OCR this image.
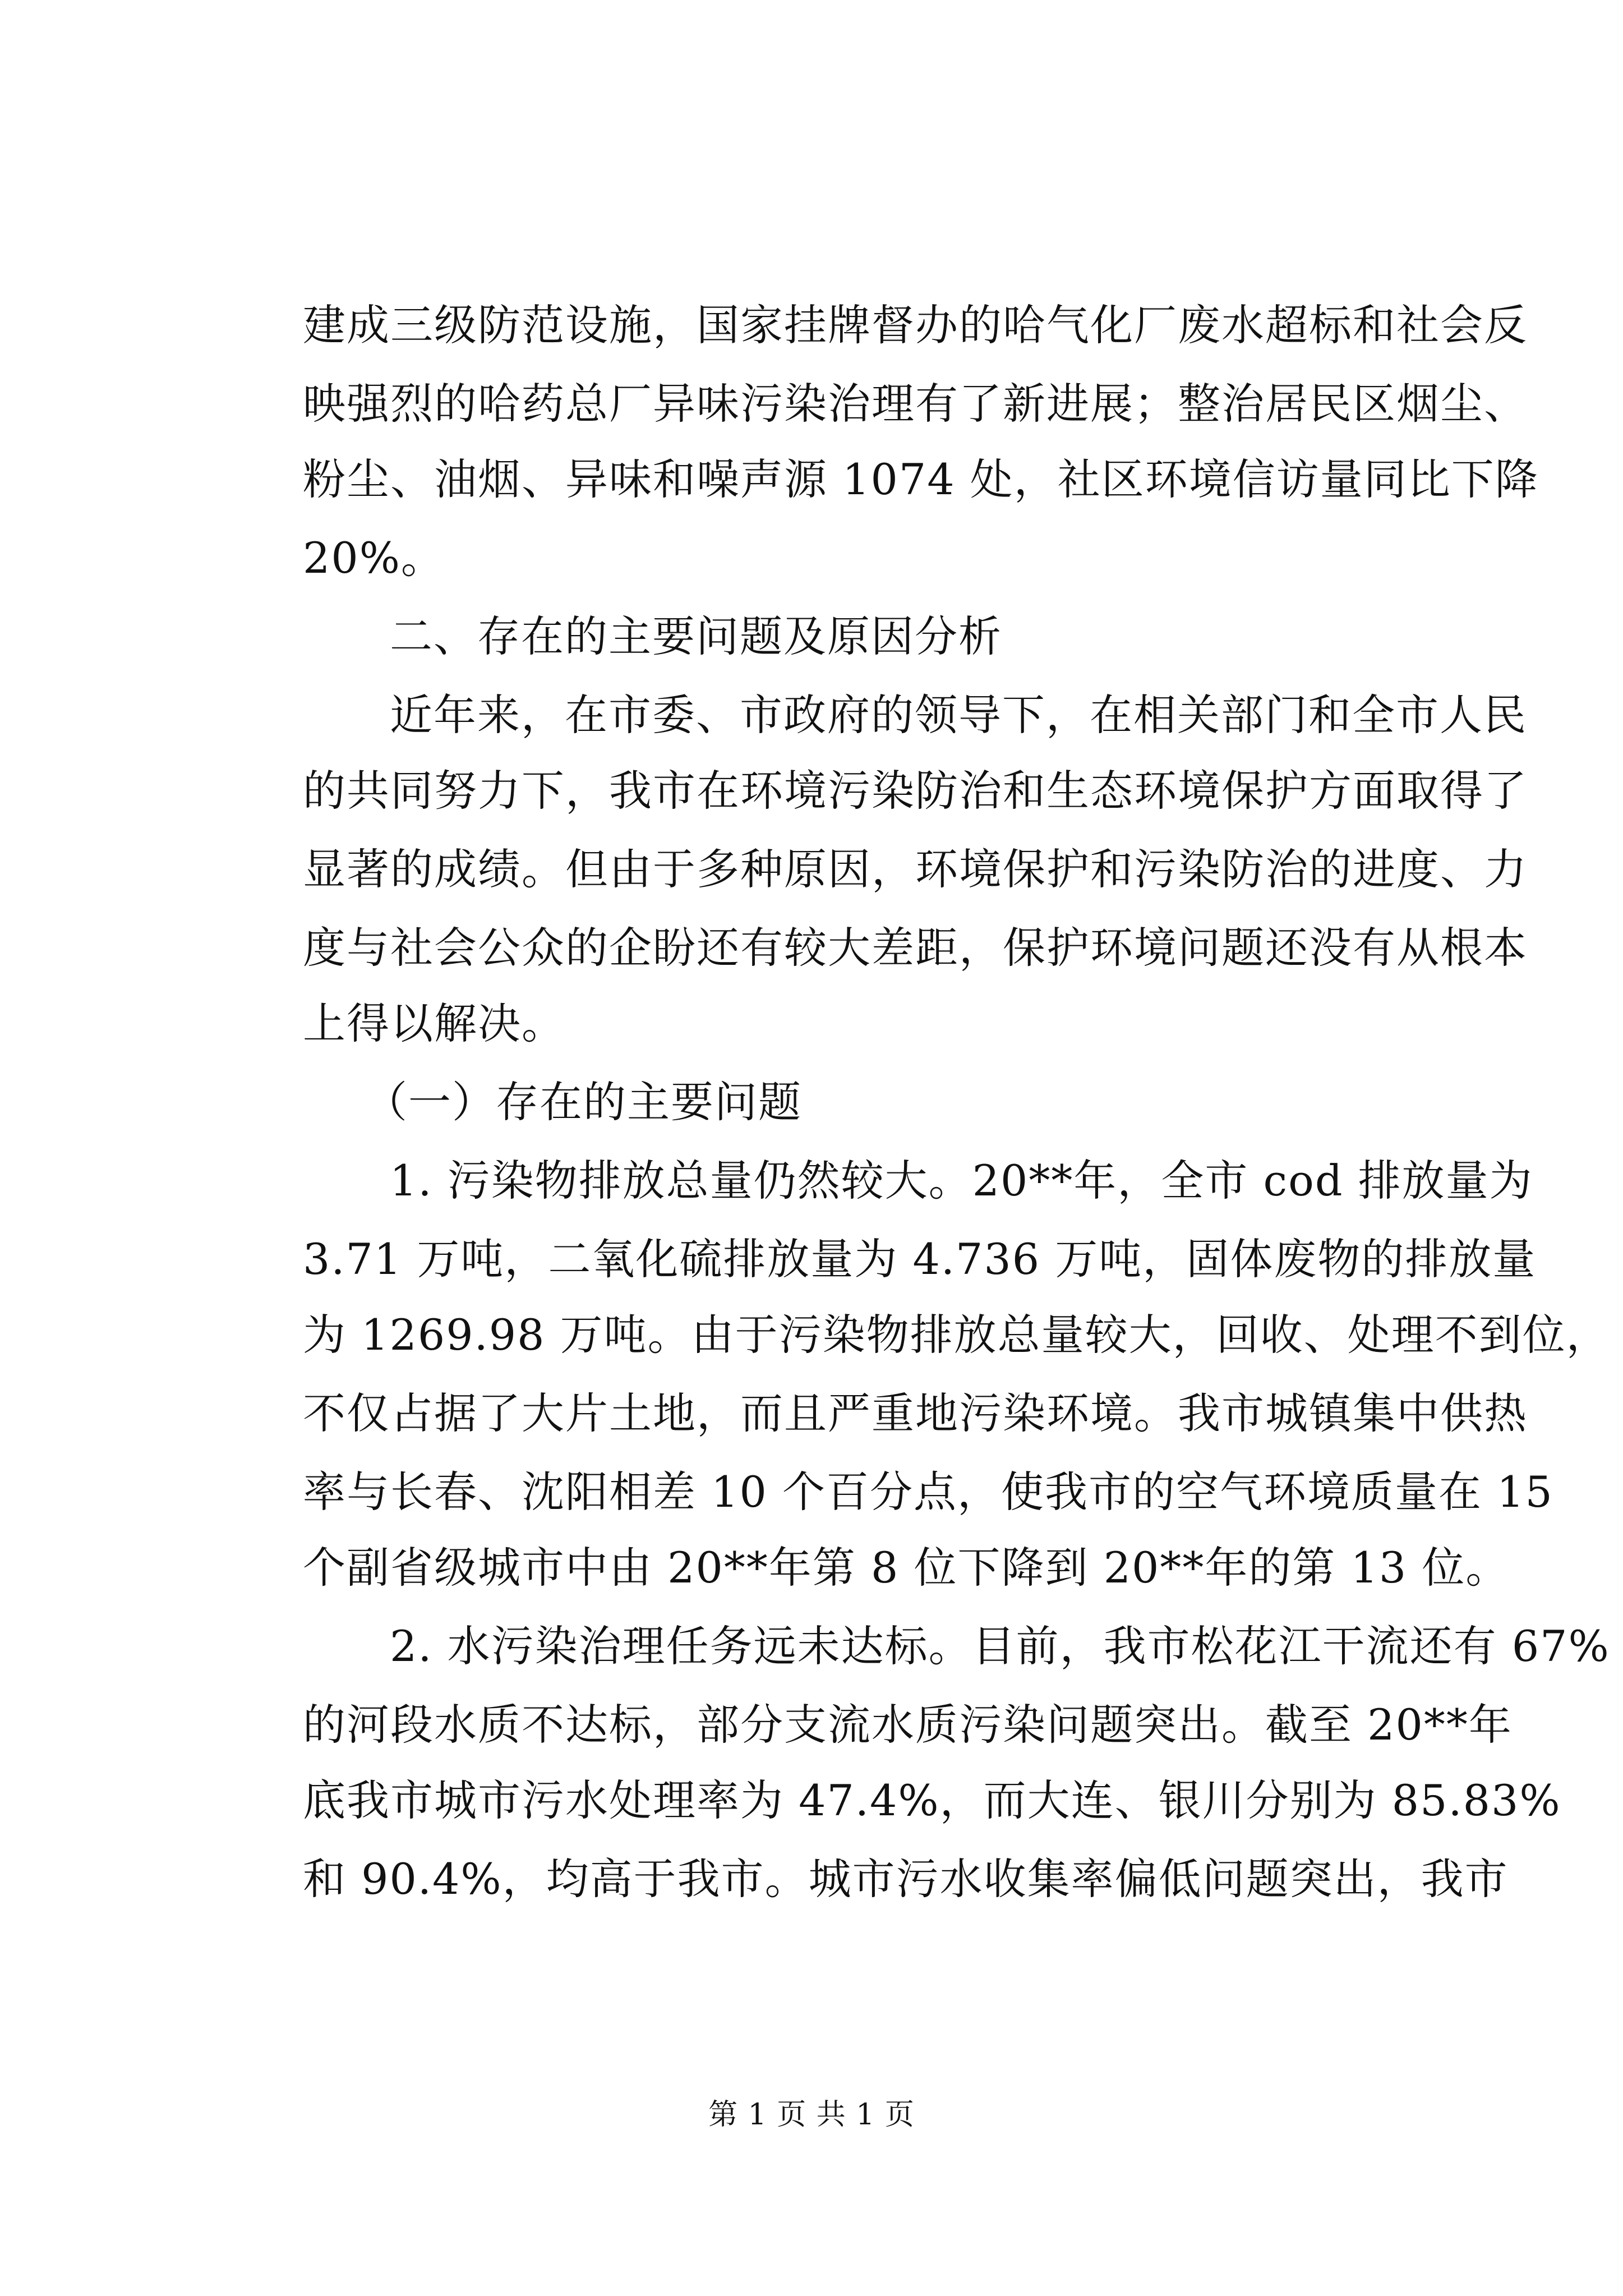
建成三级防范设施，国家挂牌督办的哈气化厂废水超标和社会反
映强烈的哈药总厂异味污染治理有了新进展；整治居民区烟尘、
粉尘、油烟、异味和噪声源 1074 处，社区环境信访量同比下降
20%。
二、存在的主要问题及原因分析
近年来，在市委、市政府的领导下，在相关部门和全市人民
的共同努力下，我市在环境污染防治和生态环境保护方面取得了
显著的成绩。但由于多种原因，环境保护和污染防治的进度、力
度与社会公众的企盼还有较大差距，保护环境问题还没有从根本
上得以解决。
（一）存在的主要问题
1. 污染物排放总量仍然较大。20**年，全市 cod 排放量为
3.71 万吨，二氧化硫排放量为 4.736 万吨，固体废物的排放量
为 1269.98 万吨。由于污染物排放总量较大，回收、处理不到位，
不仅占据了大片土地，而且严重地污染环境。我市城镇集中供热
率与长春、沈阳相差 10 个百分点，使我市的空气环境质量在 15
个副省级城市中由 20**年第 8 位下降到 20**年的第 13 位。
2. 水污染治理任务远未达标。目前，我市松花江干流还有 67%
的河段水质不达标，部分支流水质污染问题突出。截至 20**年
底我市城市污水处理率为 47.4%，而大连、银川分别为 85.83%
和 90.4%，均高于我市。城市污水收集率偏低问题突出，我市
第 1 页 共 1 页
